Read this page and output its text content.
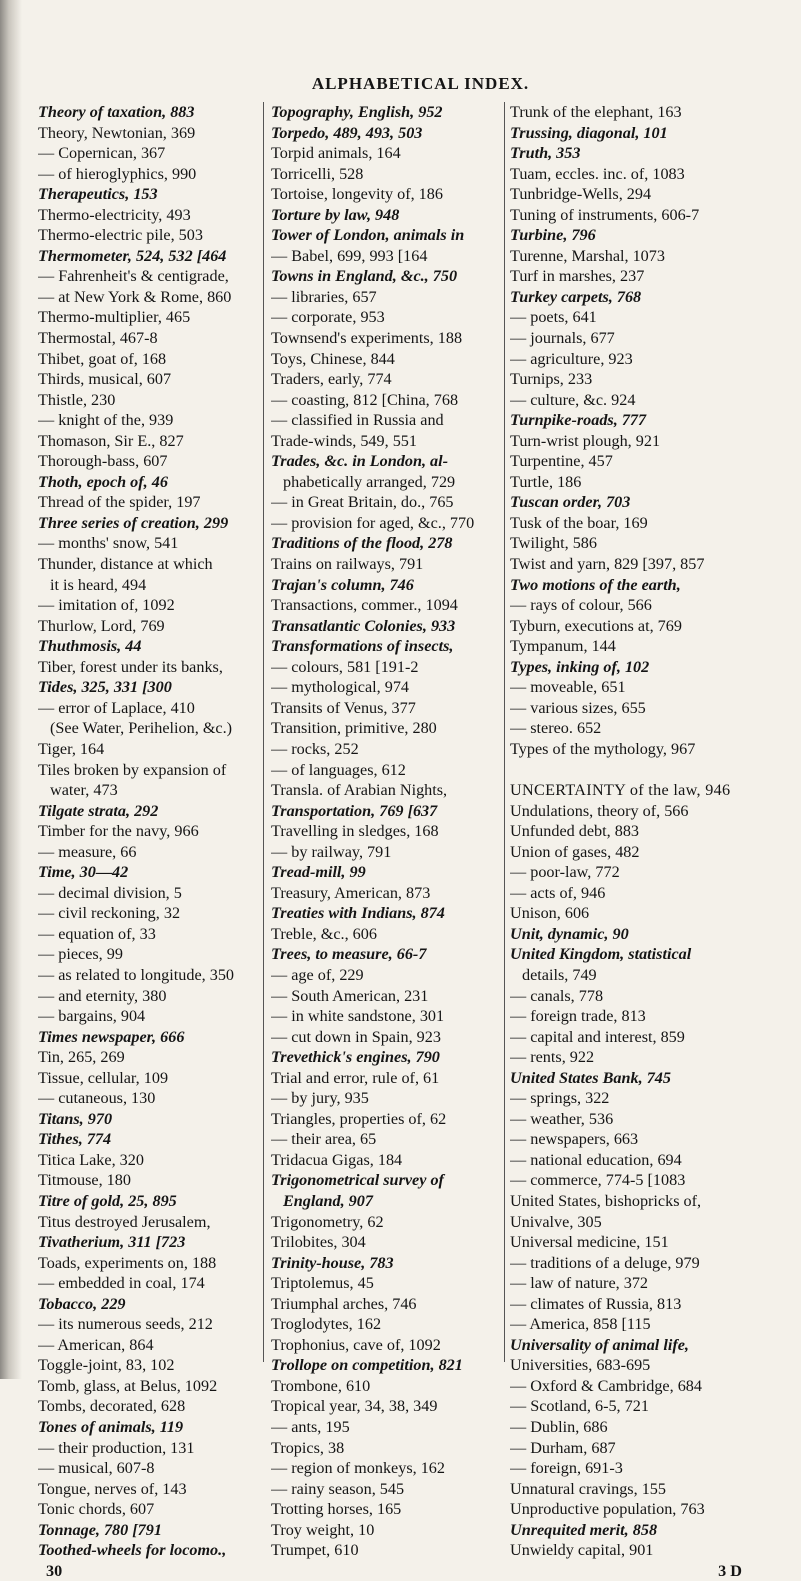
ALPHABETICAL INDEX.
Theory of taxation, 883
Theory, Newtonian, 369
— Copernican, 367
— of hieroglyphics, 990
Therapeutics, 153
Thermo-electricity, 493
Thermo-electric pile, 503
Thermometer, 524, 532 [464
— Fahrenheit's & centigrade,
— at New York & Rome, 860
Thermo-multiplier, 465
Thermostal, 467-8
Thibet, goat of, 168
Thirds, musical, 607
Thistle, 230
— knight of the, 939
Thomason, Sir E., 827
Thorough-bass, 607
Thoth, epoch of, 46
Thread of the spider, 197
Three series of creation, 299
— months' snow, 541
Thunder, distance at which
it is heard, 494
— imitation of, 1092
Thurlow, Lord, 769
Thuthmosis, 44
Tiber, forest under its banks,
Tides, 325, 331 [300
— error of Laplace, 410
(See Water, Perihelion, &c.)
Tiger, 164
Tiles broken by expansion of
water, 473
Tilgate strata, 292
Timber for the navy, 966
— measure, 66
Time, 30—42
— decimal division, 5
— civil reckoning, 32
— equation of, 33
— pieces, 99
— as related to longitude, 350
— and eternity, 380
— bargains, 904
Times newspaper, 666
Tin, 265, 269
Tissue, cellular, 109
— cutaneous, 130
Titans, 970
Tithes, 774
Titica Lake, 320
Titmouse, 180
Titre of gold, 25, 895
Titus destroyed Jerusalem,
Tivatherium, 311 [723
Toads, experiments on, 188
— embedded in coal, 174
Tobacco, 229
— its numerous seeds, 212
— American, 864
Toggle-joint, 83, 102
Tomb, glass, at Belus, 1092
Tombs, decorated, 628
Tones of animals, 119
— their production, 131
— musical, 607-8
Tongue, nerves of, 143
Tonic chords, 607
Tonnage, 780 [791
Toothed-wheels for locomo.,
30
Topography, English, 952
Torpedo, 489, 493, 503
Torpid animals, 164
Torricelli, 528
Tortoise, longevity of, 186
Torture by law, 948
Tower of London, animals in
— Babel, 699, 993 [164
Towns in England, &c., 750
— libraries, 657
— corporate, 953
Townsend's experiments, 188
Toys, Chinese, 844
Traders, early, 774
— coasting, 812 [China, 768
— classified in Russia and
Trade-winds, 549, 551
Trades, &c. in London, al-
phabetically arranged, 729
— in Great Britain, do., 765
— provision for aged, &c., 770
Traditions of the flood, 278
Trains on railways, 791
Trajan's column, 746
Transactions, commer., 1094
Transatlantic Colonies, 933
Transformations of insects,
— colours, 581 [191-2
— mythological, 974
Transits of Venus, 377
Transition, primitive, 280
— rocks, 252
— of languages, 612
Transla. of Arabian Nights,
Transportation, 769 [637
Travelling in sledges, 168
— by railway, 791
Tread-mill, 99
Treasury, American, 873
Treaties with Indians, 874
Treble, &c., 606
Trees, to measure, 66-7
— age of, 229
— South American, 231
— in white sandstone, 301
— cut down in Spain, 923
Trevethick's engines, 790
Trial and error, rule of, 61
— by jury, 935
Triangles, properties of, 62
— their area, 65
Tridacua Gigas, 184
Trigonometrical survey of
England, 907
Trigonometry, 62
Trilobites, 304
Trinity-house, 783
Triptolemus, 45
Triumphal arches, 746
Troglodytes, 162
Trophonius, cave of, 1092
Trollope on competition, 821
Trombone, 610
Tropical year, 34, 38, 349
— ants, 195
Tropics, 38
— region of monkeys, 162
— rainy season, 545
Trotting horses, 165
Troy weight, 10
Trumpet, 610
Trunk of the elephant, 163
Trussing, diagonal, 101
Truth, 353
Tuam, eccles. inc. of, 1083
Tunbridge-Wells, 294
Tuning of instruments, 606-7
Turbine, 796
Turenne, Marshal, 1073
Turf in marshes, 237
Turkey carpets, 768
— poets, 641
— journals, 677
— agriculture, 923
Turnips, 233
— culture, &c. 924
Turnpike-roads, 777
Turn-wrist plough, 921
Turpentine, 457
Turtle, 186
Tuscan order, 703
Tusk of the boar, 169
Twilight, 586
Twist and yarn, 829 [397, 857
Two motions of the earth,
— rays of colour, 566
Tyburn, executions at, 769
Tympanum, 144
Types, inking of, 102
— moveable, 651
— various sizes, 655
— stereo. 652
Types of the mythology, 967

UNCERTAINTY of the law, 946
Undulations, theory of, 566
Unfunded debt, 883
Union of gases, 482
— poor-law, 772
— acts of, 946
Unison, 606
Unit, dynamic, 90
United Kingdom, statistical
details, 749
— canals, 778
— foreign trade, 813
— capital and interest, 859
— rents, 922
United States Bank, 745
— springs, 322
— weather, 536
— newspapers, 663
— national education, 694
— commerce, 774-5 [1083
United States, bishopricks of,
Univalve, 305
Universal medicine, 151
— traditions of a deluge, 979
— law of nature, 372
— climates of Russia, 813
— America, 858 [115
Universality of animal life,
Universities, 683-695
— Oxford & Cambridge, 684
— Scotland, 6-5, 721
— Dublin, 686
— Durham, 687
— foreign, 691-3
Unnatural cravings, 155
Unproductive population, 763
Unrequited merit, 858
Unwieldy capital, 901
3 D
